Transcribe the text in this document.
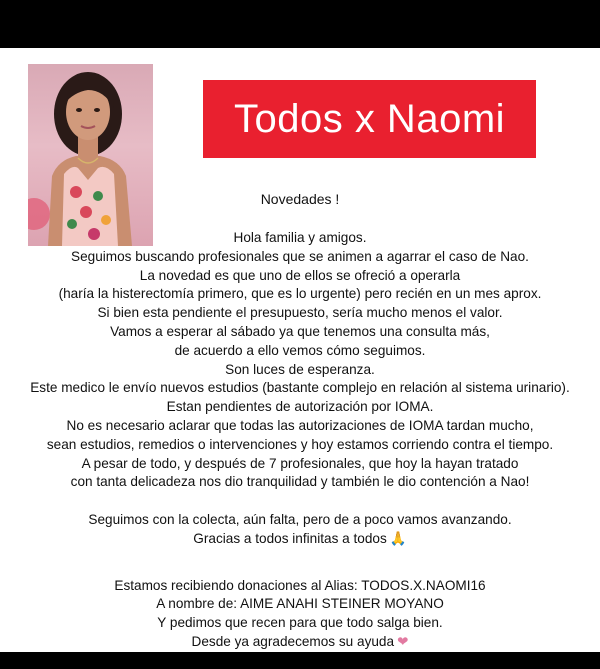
Todos x Naomi
Novedades !
Hola familia y amigos.
Seguimos buscando profesionales que se animen a agarrar el caso de Nao.
La novedad es que uno de ellos se ofreció a operarla
(haría la histerectomía primero, que es lo urgente) pero recién en un mes aprox.
Si bien esta pendiente el presupuesto, sería mucho menos el valor.
Vamos a esperar al sábado ya que tenemos una consulta más,
de acuerdo a ello vemos cómo seguimos.
Son luces de esperanza.
Este medico le envío nuevos estudios (bastante complejo en relación al sistema urinario).
Estan pendientes de autorización por IOMA.
No es necesario aclarar que todas las autorizaciones de IOMA tardan mucho,
sean estudios, remedios o intervenciones y hoy estamos corriendo contra el tiempo.
A pesar de todo, y después de 7 profesionales, que hoy la hayan tratado
con tanta delicadeza nos dio tranquilidad y también le dio contención a Nao!
Seguimos con la colecta, aún falta, pero de a poco vamos avanzando.
Gracias a todos infinitas a todos 🙏
Estamos recibiendo donaciones al Alias: TODOS.X.NAOMI16
A nombre de: AIME ANAHI STEINER MOYANO
Y pedimos que recen para que todo salga bien.
Desde ya agradecemos su ayuda ❤
